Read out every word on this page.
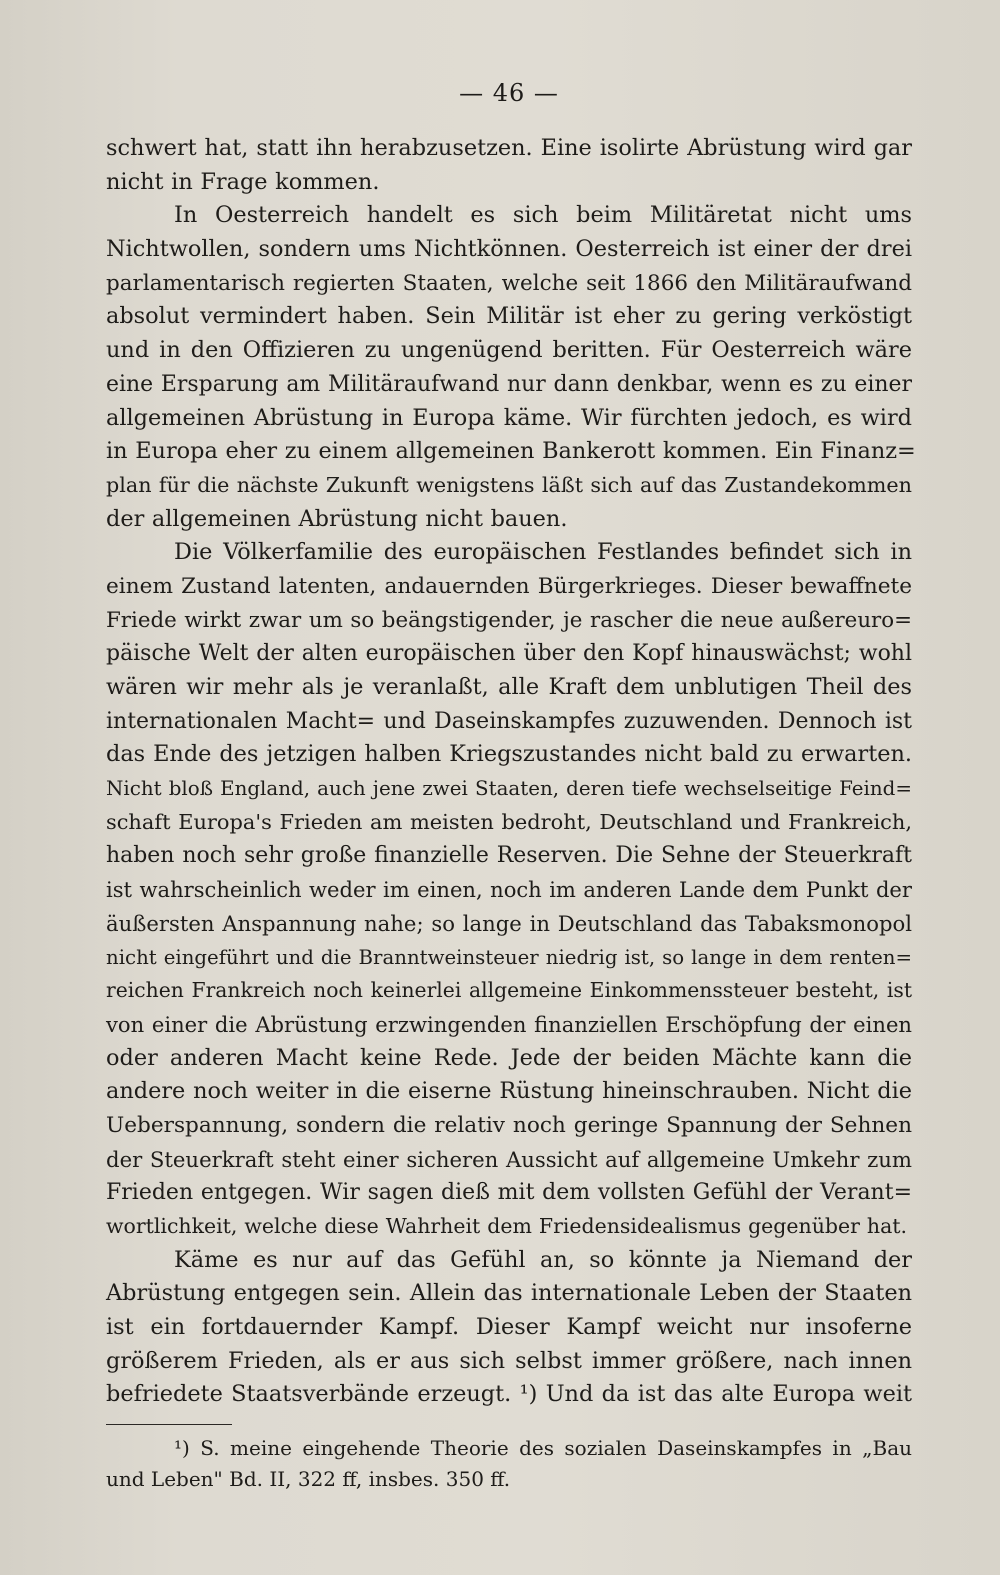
— 46 —

schwert hat, statt ihn herabzusetzen. Eine isolirte Abrüstung wird gar
nicht in Frage kommen.

In Oesterreich handelt es sich beim Militäretat nicht ums
Nichtwollen, sondern ums Nichtkönnen. Oesterreich ist einer der drei
parlamentarisch regierten Staaten, welche seit 1866 den Militäraufwand
absolut vermindert haben. Sein Militär ist eher zu gering verköstigt
und in den Offizieren zu ungenügend beritten. Für Oesterreich wäre
eine Ersparung am Militäraufwand nur dann denkbar, wenn es zu einer
allgemeinen Abrüstung in Europa käme. Wir fürchten jedoch, es wird
in Europa eher zu einem allgemeinen Bankerott kommen. Ein Finanz=
plan für die nächste Zukunft wenigstens läßt sich auf das Zustandekommen
der allgemeinen Abrüstung nicht bauen.

Die Völkerfamilie des europäischen Festlandes befindet sich in
einem Zustand latenten, andauernden Bürgerkrieges. Dieser bewaffnete
Friede wirkt zwar um so beängstigender, je rascher die neue außereuro=
päische Welt der alten europäischen über den Kopf hinauswächst; wohl
wären wir mehr als je veranlaßt, alle Kraft dem unblutigen Theil des
internationalen Macht= und Daseinskampfes zuzuwenden. Dennoch ist
das Ende des jetzigen halben Kriegszustandes nicht bald zu erwarten.
Nicht bloß England, auch jene zwei Staaten, deren tiefe wechselseitige Feind=
schaft Europa's Frieden am meisten bedroht, Deutschland und Frankreich,
haben noch sehr große finanzielle Reserven. Die Sehne der Steuerkraft
ist wahrscheinlich weder im einen, noch im anderen Lande dem Punkt der
äußersten Anspannung nahe; so lange in Deutschland das Tabaksmonopol
nicht eingeführt und die Branntweinsteuer niedrig ist, so lange in dem renten=
reichen Frankreich noch keinerlei allgemeine Einkommenssteuer besteht, ist
von einer die Abrüstung erzwingenden finanziellen Erschöpfung der einen
oder anderen Macht keine Rede. Jede der beiden Mächte kann die
andere noch weiter in die eiserne Rüstung hineinschrauben. Nicht die
Ueberspannung, sondern die relativ noch geringe Spannung der Sehnen
der Steuerkraft steht einer sicheren Aussicht auf allgemeine Umkehr zum
Frieden entgegen. Wir sagen dieß mit dem vollsten Gefühl der Verant=
wortlichkeit, welche diese Wahrheit dem Friedensidealismus gegenüber hat.

Käme es nur auf das Gefühl an, so könnte ja Niemand der
Abrüstung entgegen sein. Allein das internationale Leben der Staaten
ist ein fortdauernder Kampf. Dieser Kampf weicht nur insoferne
größerem Frieden, als er aus sich selbst immer größere, nach innen
befriedete Staatsverbände erzeugt. ¹) Und da ist das alte Europa weit

¹) S. meine eingehende Theorie des sozialen Daseinskampfes in „Bau
und Leben" Bd. II, 322 ff, insbes. 350 ff.
